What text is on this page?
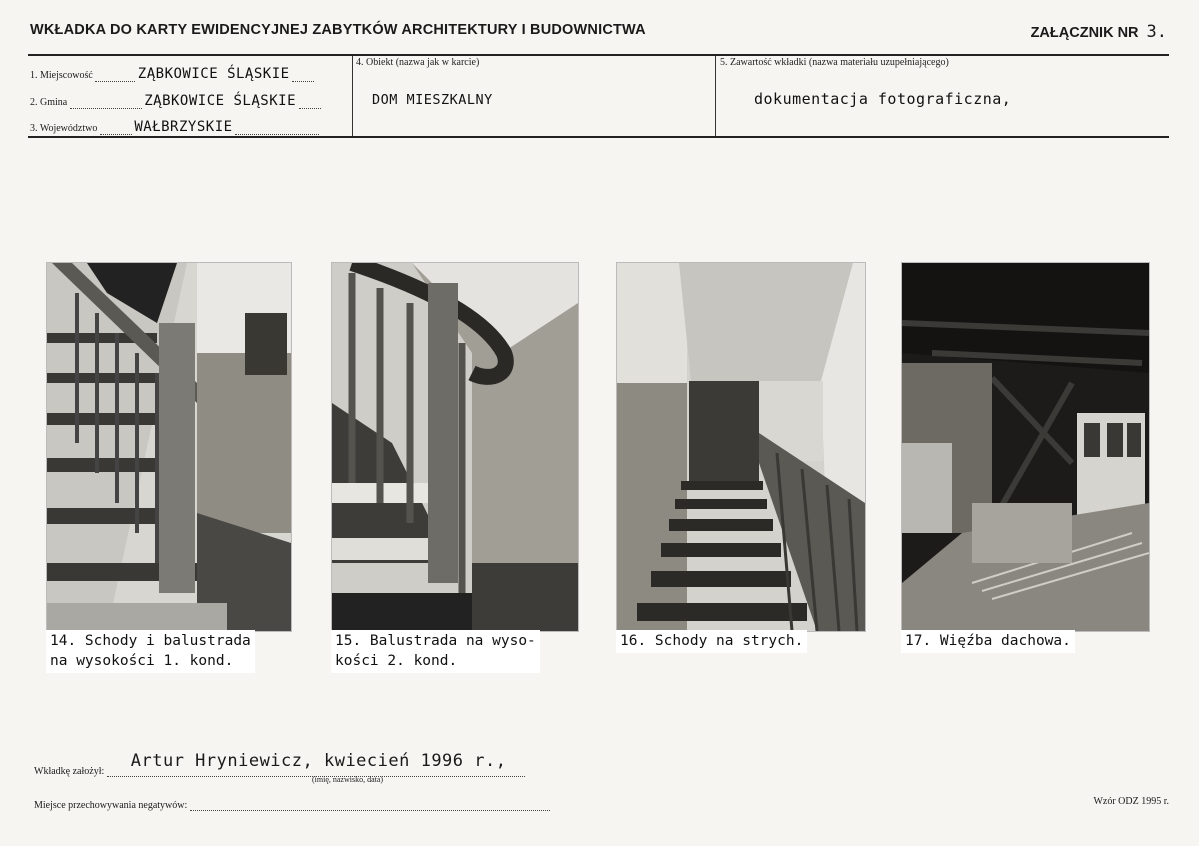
WKŁADKA DO KARTY EWIDENCYJNEJ ZABYTKÓW ARCHITEKTURY I BUDOWNICTWA	ZAŁĄCZNIK NR 3.
1. Miejscowość	ZĄBKOWICE ŚLĄSKIE
2. Gmina	ZĄBKOWICE ŚLĄSKIE
3. Województwo	WAŁBRZYSKIE
4. Obiekt (nazwa jak w karcie)
DOM MIESZKALNY
5. Zawartość wkładki (nazwa materiału uzupełniającego)
dokumentacja fotograficzna,
14. Schody i balustrada
na wysokości 1. kond.
15. Balustrada na wyso-
kości 2. kond.
16. Schody na strych.	17. Więźba dachowa.
Wkładkę założył:
Artur Hryniewicz, kwiecień 1996 r.,
(imię, nazwisko, data)
Miejsce przechowywania negatywów:	Wzór ODZ 1995 r.
